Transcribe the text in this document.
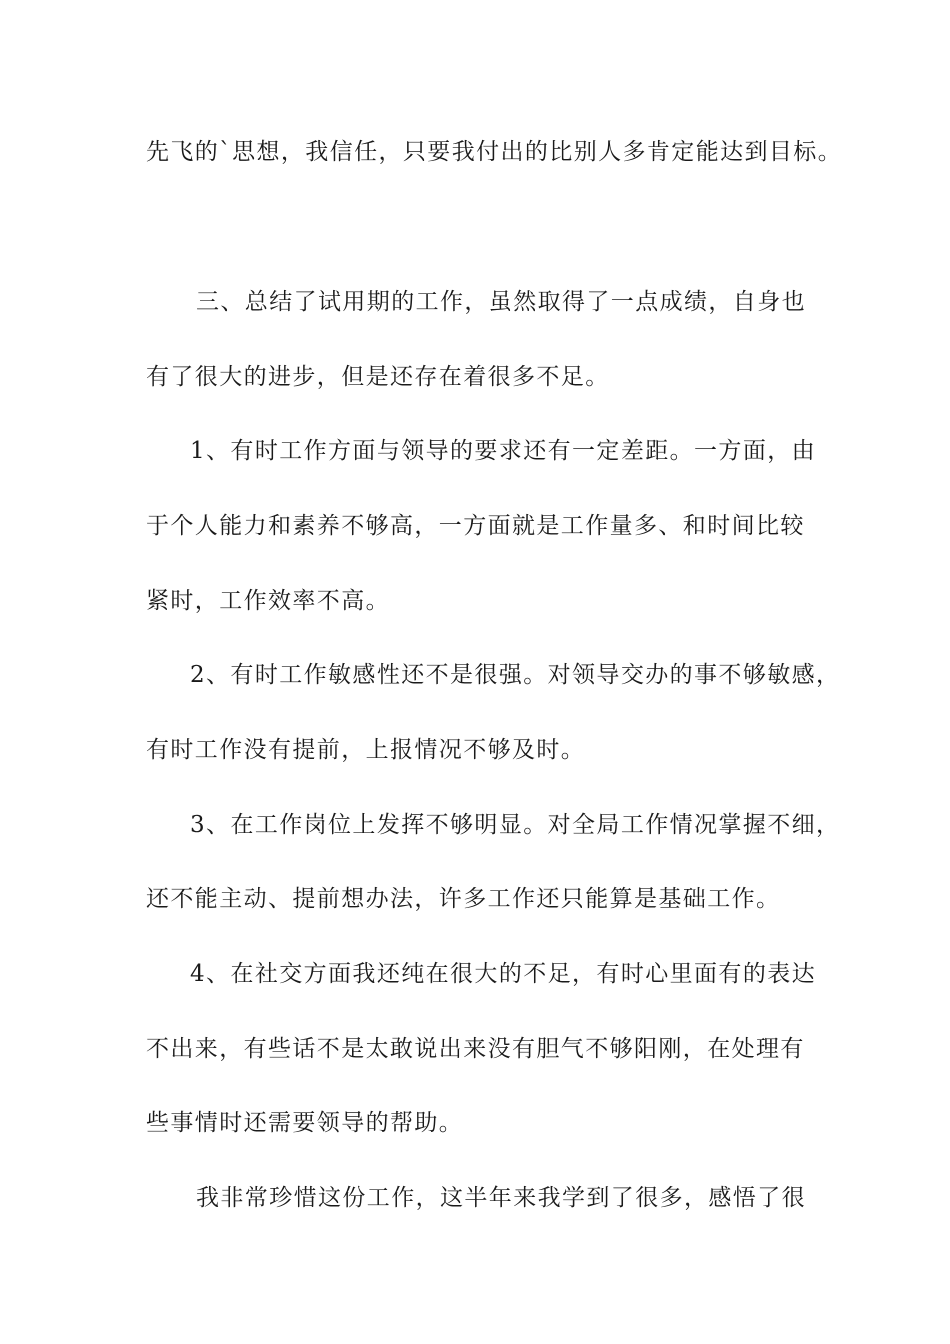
先飞的`思想，我信任，只要我付出的比别人多肯定能达到目标。
三、总结了试用期的工作，虽然取得了一点成绩，自身也
有了很大的进步，但是还存在着很多不足。
1、有时工作方面与领导的要求还有一定差距。一方面，由
于个人能力和素养不够高，一方面就是工作量多、和时间比较
紧时，工作效率不高。
2、有时工作敏感性还不是很强。对领导交办的事不够敏感，
有时工作没有提前，上报情况不够及时。
3、在工作岗位上发挥不够明显。对全局工作情况掌握不细，
还不能主动、提前想办法，许多工作还只能算是基础工作。
4、在社交方面我还纯在很大的不足，有时心里面有的表达
不出来，有些话不是太敢说出来没有胆气不够阳刚，在处理有
些事情时还需要领导的帮助。
我非常珍惜这份工作，这半年来我学到了很多，感悟了很
